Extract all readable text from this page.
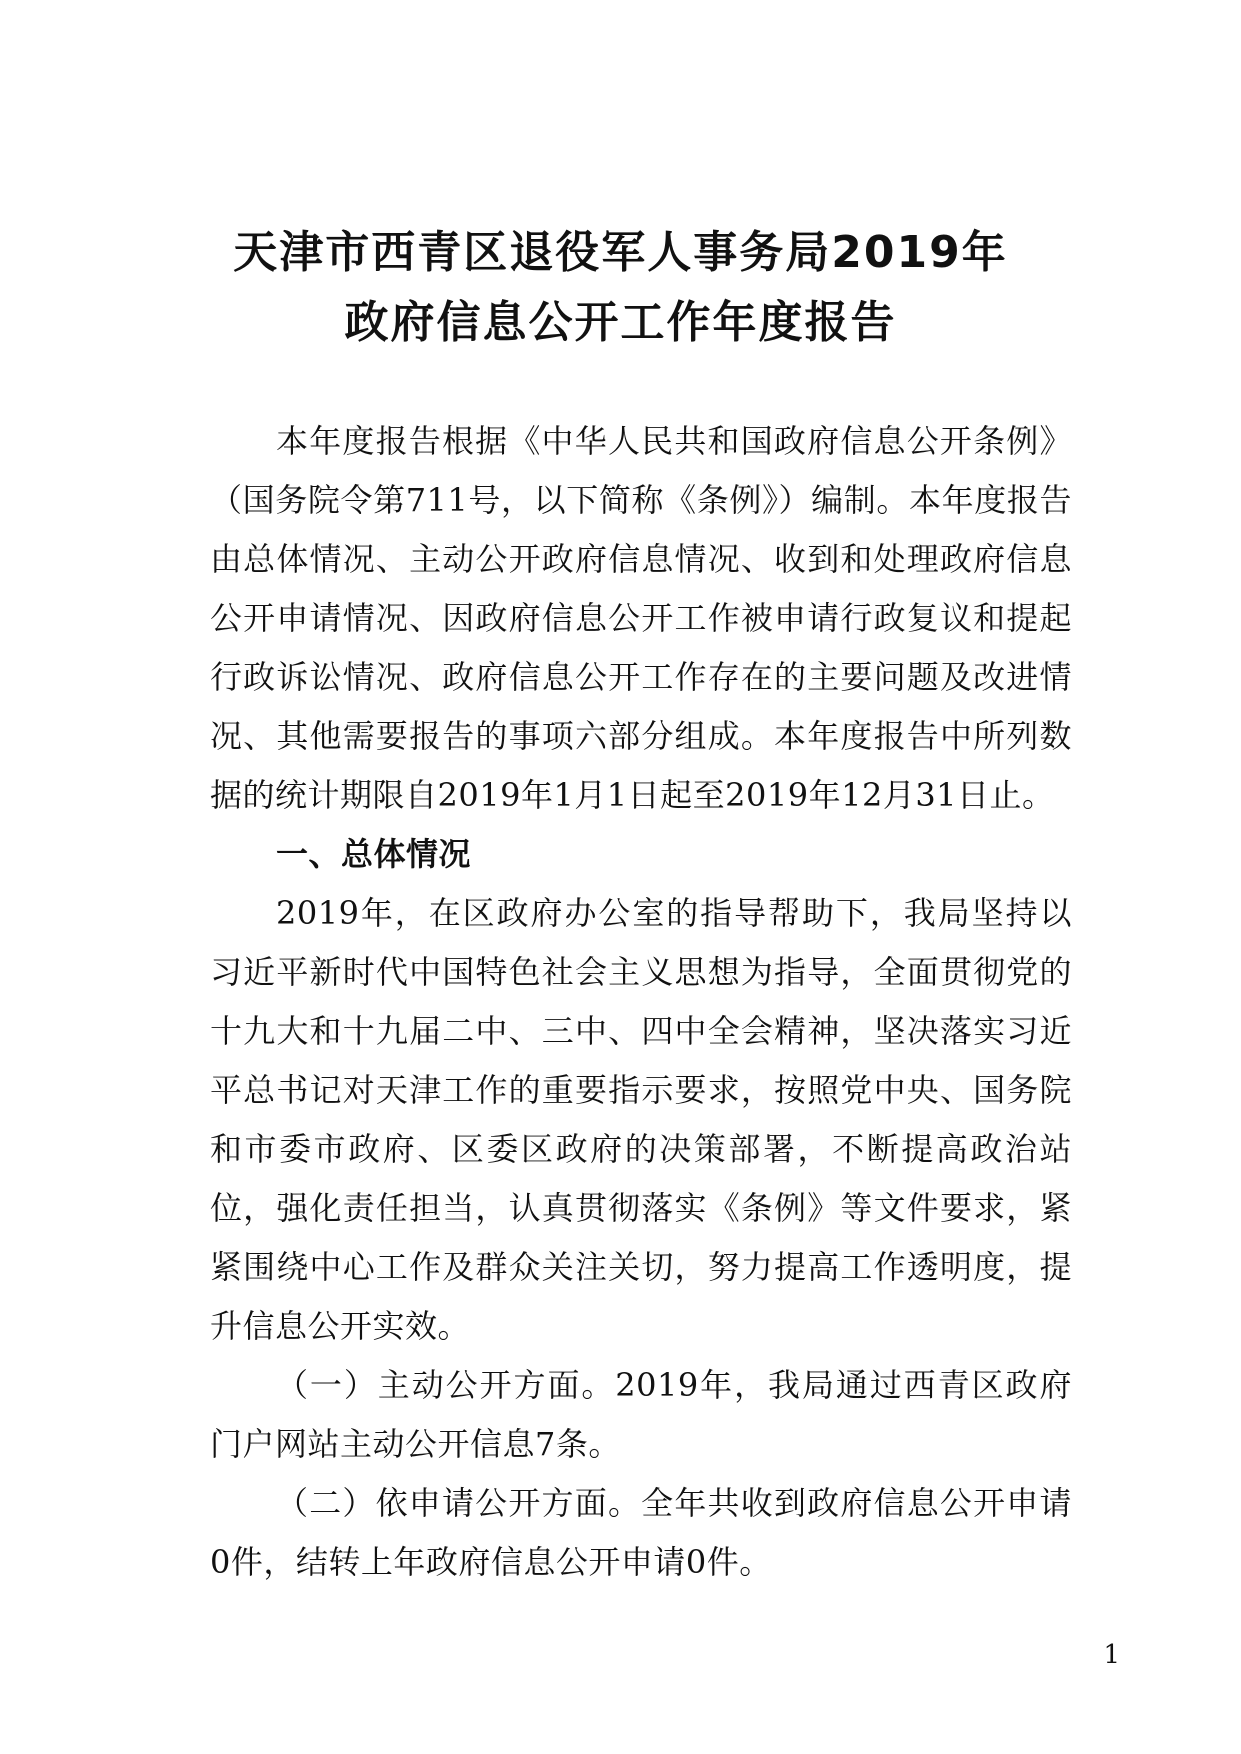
天津市西青区退役军人事务局2019年
政府信息公开工作年度报告

本年度报告根据《中华人民共和国政府信息公开条例》（国务院令第711号，以下简称《条例》）编制。本年度报告由总体情况、主动公开政府信息情况、收到和处理政府信息公开申请情况、因政府信息公开工作被申请行政复议和提起行政诉讼情况、政府信息公开工作存在的主要问题及改进情况、其他需要报告的事项六部分组成。本年度报告中所列数据的统计期限自2019年1月1日起至2019年12月31日止。

一、总体情况

2019年，在区政府办公室的指导帮助下，我局坚持以习近平新时代中国特色社会主义思想为指导，全面贯彻党的十九大和十九届二中、三中、四中全会精神，坚决落实习近平总书记对天津工作的重要指示要求，按照党中央、国务院和市委市政府、区委区政府的决策部署，不断提高政治站位，强化责任担当，认真贯彻落实《条例》等文件要求，紧紧围绕中心工作及群众关注关切，努力提高工作透明度，提升信息公开实效。

（一）主动公开方面。2019年，我局通过西青区政府门户网站主动公开信息7条。

（二）依申请公开方面。全年共收到政府信息公开申请0件，结转上年政府信息公开申请0件。

1
